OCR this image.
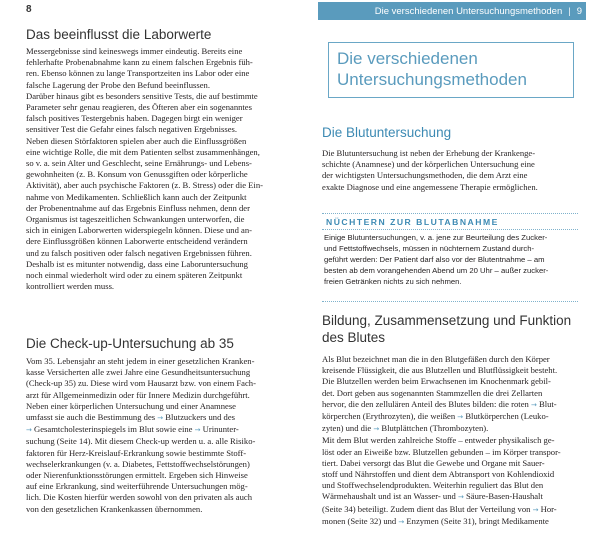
8
Das beeinflusst die Laborwerte
Messergebnisse sind keineswegs immer eindeutig. Bereits eine
fehlerhafte Probenabnahme kann zu einem falschen Ergebnis füh-
ren. Ebenso können zu lange Transportzeiten ins Labor oder eine
falsche Lagerung der Probe den Befund beeinflussen.
Darüber hinaus gibt es besonders sensitive Tests, die auf bestimmte
Parameter sehr genau reagieren, des Öfteren aber ein sogenanntes
falsch positives Testergebnis haben. Dagegen birgt ein weniger
sensitiver Test die Gefahr eines falsch negativen Ergebnisses.
Neben diesen Störfaktoren spielen aber auch die Einflussgrößen
eine wichtige Rolle, die mit dem Patienten selbst zusammenhängen,
so v. a. sein Alter und Geschlecht, seine Ernährungs- und Lebens-
gewohnheiten (z. B. Konsum von Genussgiften oder körperliche
Aktivität), aber auch psychische Faktoren (z. B. Stress) oder die Ein-
nahme von Medikamenten. Schließlich kann auch der Zeitpunkt
der Probenentnahme auf das Ergebnis Einfluss nehmen, denn der
Organismus ist tageszeitlichen Schwankungen unterworfen, die
sich in einigen Laborwerten widerspiegeln können. Diese und an-
dere Einflussgrößen können Laborwerte entscheidend verändern
und zu falsch positiven oder falsch negativen Ergebnissen führen.
Deshalb ist es mitunter notwendig, dass eine Laboruntersuchung
noch einmal wiederholt wird oder zu einem späteren Zeitpunkt
kontrolliert werden muss.
Die Check-up-Untersuchung ab 35
Vom 35. Lebensjahr an steht jedem in einer gesetzlichen Kranken-
kasse Versicherten alle zwei Jahre eine Gesundheitsuntersuchung
(Check-up 35) zu. Diese wird vom Hausarzt bzw. von einem Fach-
arzt für Allgemeinmedizin oder für Innere Medizin durchgeführt.
Neben einer körperlichen Untersuchung und einer Anamnese
umfasst sie auch die Bestimmung des → Blutzuckers und des
→ Gesamtcholesterinspiegels im Blut sowie eine → Urinunter-
suchung (Seite 14). Mit diesem Check-up werden u. a. alle Risiko-
faktoren für Herz-Kreislauf-Erkrankung sowie bestimmte Stoff-
wechselerkrankungen (v. a. Diabetes, Fettstoffwechselstörungen)
oder Nierenfunktionsstörungen ermittelt. Ergeben sich Hinweise
auf eine Erkrankung, sind weiterführende Untersuchungen mög-
lich. Die Kosten hierfür werden sowohl von den privaten als auch
von den gesetzlichen Krankenkassen übernommen.
Die verschiedenen Untersuchungsmethoden | 9
Die verschiedenen
Untersuchungsmethoden
Die Blutuntersuchung
Die Blutuntersuchung ist neben der Erhebung der Krankenge-
schichte (Anamnese) und der körperlichen Untersuchung eine
der wichtigsten Untersuchungsmethoden, die dem Arzt eine
exakte Diagnose und eine angemessene Therapie ermöglichen.
NÜCHTERN ZUR BLUTABNAHME
Einige Blutuntersuchungen, v. a. jene zur Beurteilung des Zucker-
und Fettstoffwechsels, müssen in nüchternem Zustand durch-
geführt werden: Der Patient darf also vor der Blutentnahme – am
besten ab dem vorangehenden Abend um 20 Uhr – außer zucker-
freien Getränken nichts zu sich nehmen.
Bildung, Zusammensetzung und Funktion
des Blutes
Als Blut bezeichnet man die in den Blutgefäßen durch den Körper
kreisende Flüssigkeit, die aus Blutzellen und Blutflüssigkeit besteht.
Die Blutzellen werden beim Erwachsenen im Knochenmark gebil-
det. Dort geben aus sogenannten Stammzellen die drei Zellarten
hervor, die den zellulären Anteil des Blutes bilden: die roten → Blut-
körperchen (Erythrozyten), die weißen → Blutkörperchen (Leuko-
zyten) und die → Blutplättchen (Thrombozyten).
Mit dem Blut werden zahlreiche Stoffe – entweder physikalisch ge-
löst oder an Eiweiße bzw. Blutzellen gebunden – im Körper transpor-
tiert. Dabei versorgt das Blut die Gewebe und Organe mit Sauer-
stoff und Nährstoffen und dient dem Abtransport von Kohlendioxid
und Stoffwechselendprodukten. Weiterhin reguliert das Blut den
Wärmehaushalt und ist an Wasser- und → Säure-Basen-Haushalt
(Seite 34) beteiligt. Zudem dient das Blut der Verteilung von → Hor-
monen (Seite 32) und → Enzymen (Seite 31), bringt Medikamente
